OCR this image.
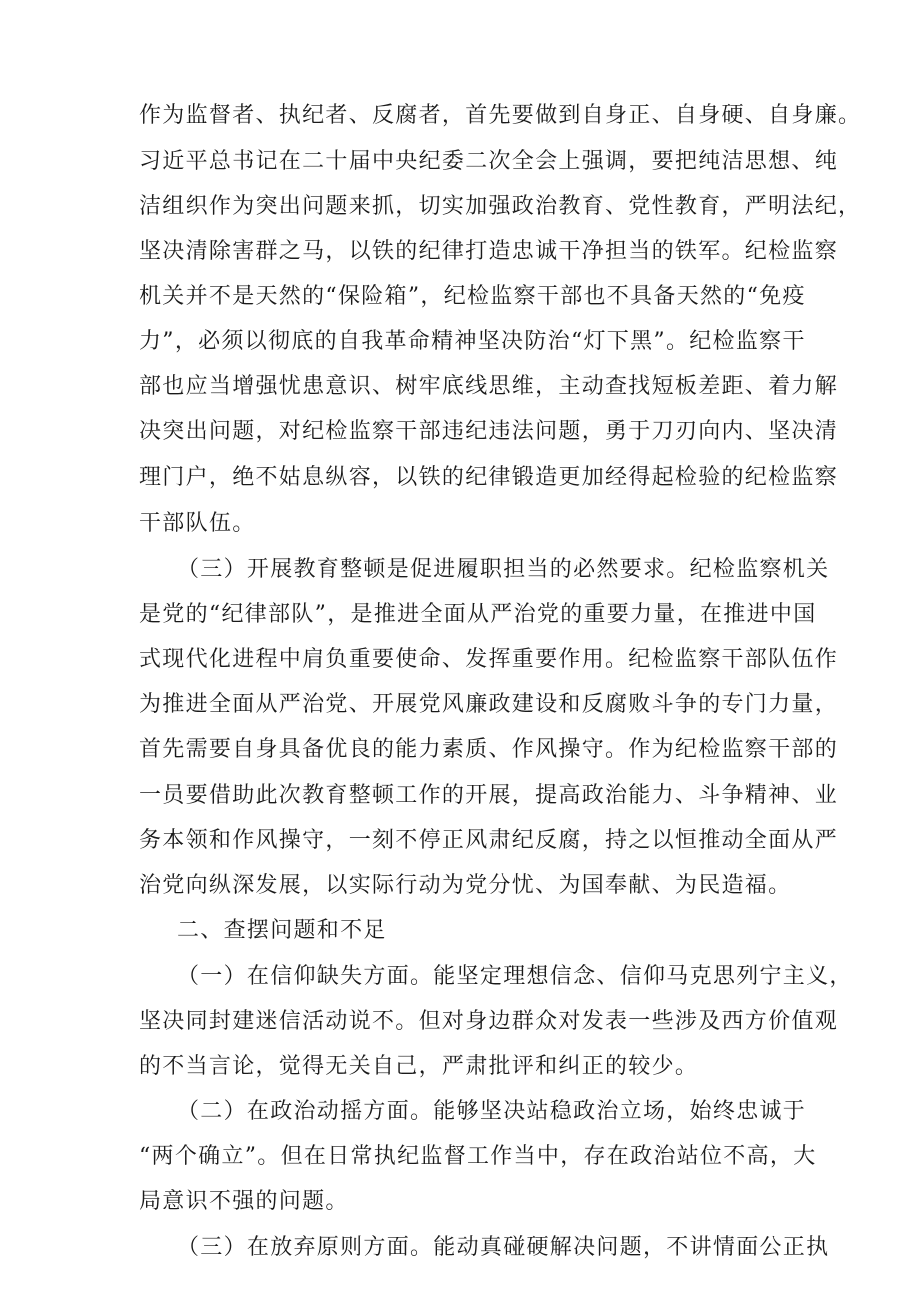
作为监督者、执纪者、反腐者，首先要做到自身正、自身硬、自身廉。
习近平总书记在二十届中央纪委二次全会上强调，要把纯洁思想、纯
洁组织作为突出问题来抓，切实加强政治教育、党性教育，严明法纪，
坚决清除害群之马，以铁的纪律打造忠诚干净担当的铁军。纪检监察
机关并不是天然的“保险箱”，纪检监察干部也不具备天然的“免疫
力”，必须以彻底的自我革命精神坚决防治“灯下黑”。纪检监察干
部也应当增强忧患意识、树牢底线思维，主动查找短板差距、着力解
决突出问题，对纪检监察干部违纪违法问题，勇于刀刃向内、坚决清
理门户，绝不姑息纵容，以铁的纪律锻造更加经得起检验的纪检监察
干部队伍。
（三）开展教育整顿是促进履职担当的必然要求。纪检监察机关
是党的“纪律部队”，是推进全面从严治党的重要力量，在推进中国
式现代化进程中肩负重要使命、发挥重要作用。纪检监察干部队伍作
为推进全面从严治党、开展党风廉政建设和反腐败斗争的专门力量，
首先需要自身具备优良的能力素质、作风操守。作为纪检监察干部的
一员要借助此次教育整顿工作的开展，提高政治能力、斗争精神、业
务本领和作风操守，一刻不停正风肃纪反腐，持之以恒推动全面从严
治党向纵深发展，以实际行动为党分忧、为国奉献、为民造福。
二、查摆问题和不足
（一）在信仰缺失方面。能坚定理想信念、信仰马克思列宁主义，
坚决同封建迷信活动说不。但对身边群众对发表一些涉及西方价值观
的不当言论，觉得无关自己，严肃批评和纠正的较少。
（二）在政治动摇方面。能够坚决站稳政治立场，始终忠诚于
“两个确立”。但在日常执纪监督工作当中，存在政治站位不高，大
局意识不强的问题。
（三）在放弃原则方面。能动真碰硬解决问题，不讲情面公正执
